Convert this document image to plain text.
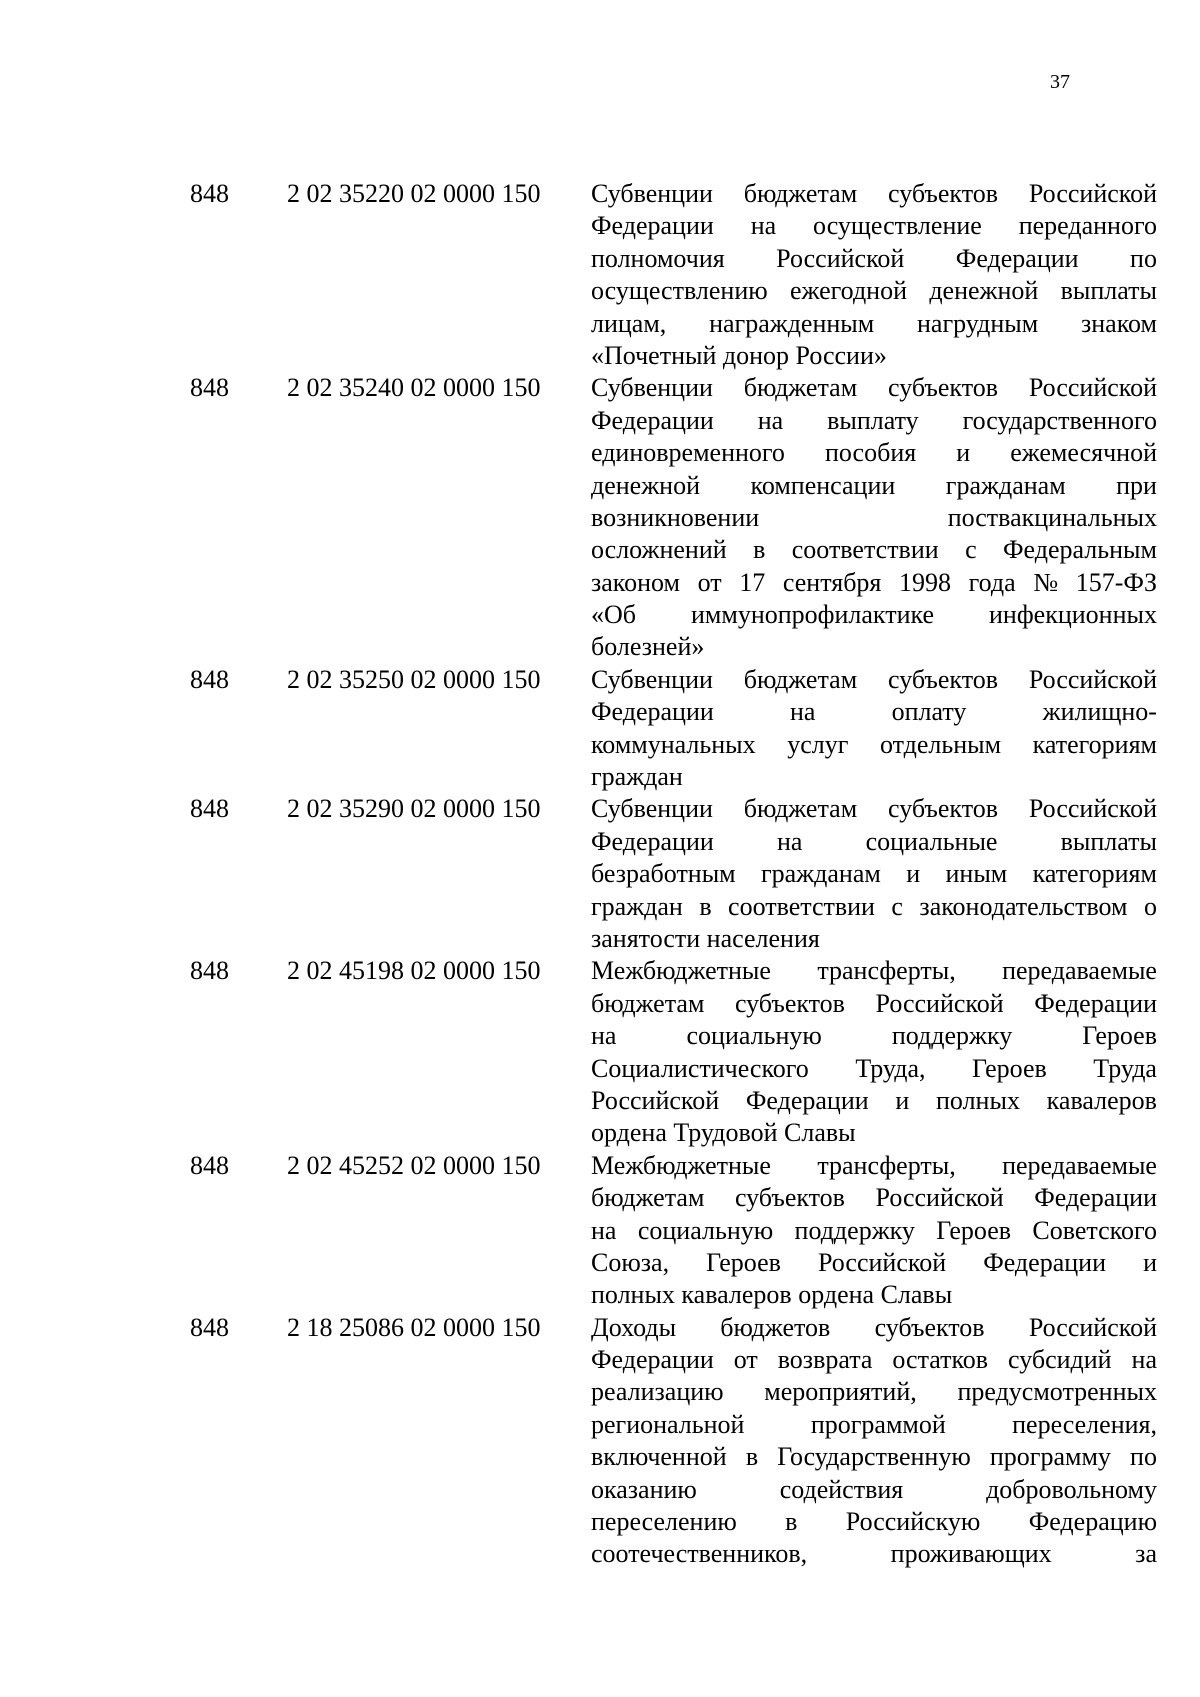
37
848	2 02 35220 02 0000 150	Субвенции бюджетам субъектов Российской
Федерации на осуществление переданного
полномочия Российской Федерации по
осуществлению ежегодной денежной выплаты
лицам, награжденным нагрудным знаком
«Почетный донор России»
848	2 02 35240 02 0000 150	Субвенции бюджетам субъектов Российской
Федерации на выплату государственного
единовременного пособия и ежемесячной
денежной компенсации гражданам при
возникновении	поствакцинальных
осложнений в соответствии с Федеральным
законом от 17 сентября 1998 года № 157-ФЗ
«Об иммунопрофилактике инфекционных
болезней»
848	2 02 35250 02 0000 150	Субвенции бюджетам субъектов Российской
Федерации	на	оплату	жилищно-
коммунальных услуг отдельным категориям
граждан
848	2 02 35290 02 0000 150	Субвенции бюджетам субъектов Российской
Федерации на социальные выплаты
безработным гражданам и иным категориям
граждан в соответствии с законодательством о
занятости населения
848	2 02 45198 02 0000 150	Межбюджетные трансферты, передаваемые
бюджетам субъектов Российской Федерации
на	социальную	поддержку	Героев
Социалистического Труда, Героев Труда
Российской Федерации и полных кавалеров
ордена Трудовой Славы
848	2 02 45252 02 0000 150	Межбюджетные трансферты, передаваемые
бюджетам субъектов Российской Федерации
на социальную поддержку Героев Советского
Союза, Героев Российской Федерации и
полных кавалеров ордена Славы
848	2 18 25086 02 0000 150	Доходы бюджетов субъектов Российской
Федерации от возврата остатков субсидий на
реализацию мероприятий, предусмотренных
региональной	программой	переселения,
включенной в Государственную программу по
оказанию	содействия	добровольному
переселению в Российскую Федерацию
соотечественников,	проживающих	за
